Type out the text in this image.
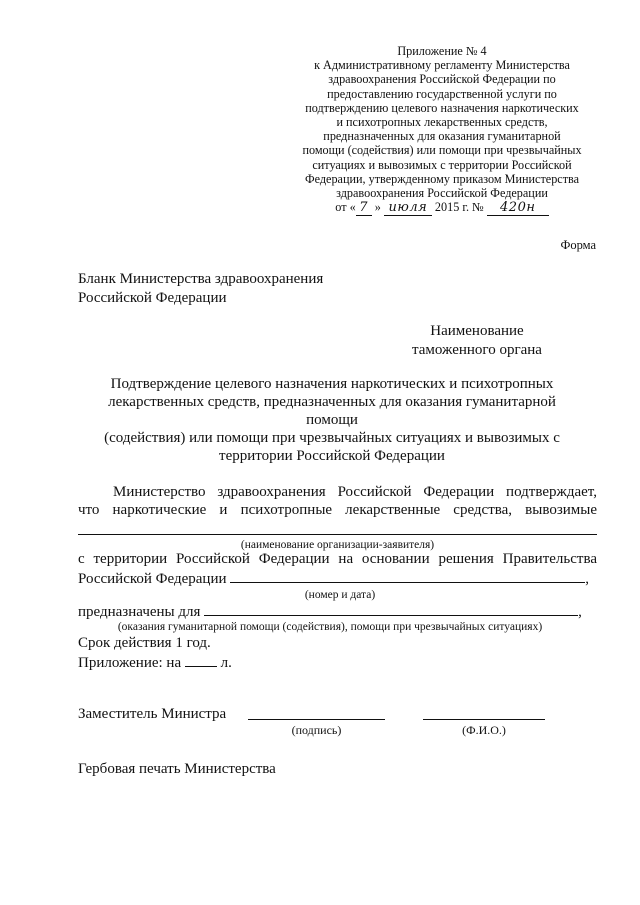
Приложение № 4
к Административному регламенту Министерства
здравоохранения Российской Федерации по
предоставлению государственной услуги по
подтверждению целевого назначения наркотических
и психотропных лекарственных средств,
предназначенных для оказания гуманитарной
помощи (содействия) или помощи при чрезвычайных
ситуациях и вывозимых с территории Российской
Федерации, утвержденному приказом Министерства
здравоохранения Российской Федерации
от « 7 » июля 2015 г. № 420н
Форма
Бланк Министерства здравоохранения
Российской Федерации
Наименование
таможенного органа
Подтверждение целевого назначения наркотических и психотропных
лекарственных средств, предназначенных для оказания гуманитарной помощи
(содействия) или помощи при чрезвычайных ситуациях и вывозимых с
территории Российской Федерации
Министерство здравоохранения Российской Федерации подтверждает,
что наркотические и психотропные лекарственные средства, вывозимые
(наименование организации-заявителя)
с территории Российской Федерации на основании решения Правительства
Российской Федерации	,
(номер и дата)
предназначены для	,
(оказания гуманитарной помощи (содействия), помощи при чрезвычайных ситуациях)
Срок действия 1 год.
Приложение: на	л.
Заместитель Министра
(подпись)	(Ф.И.О.)
Гербовая печать Министерства
